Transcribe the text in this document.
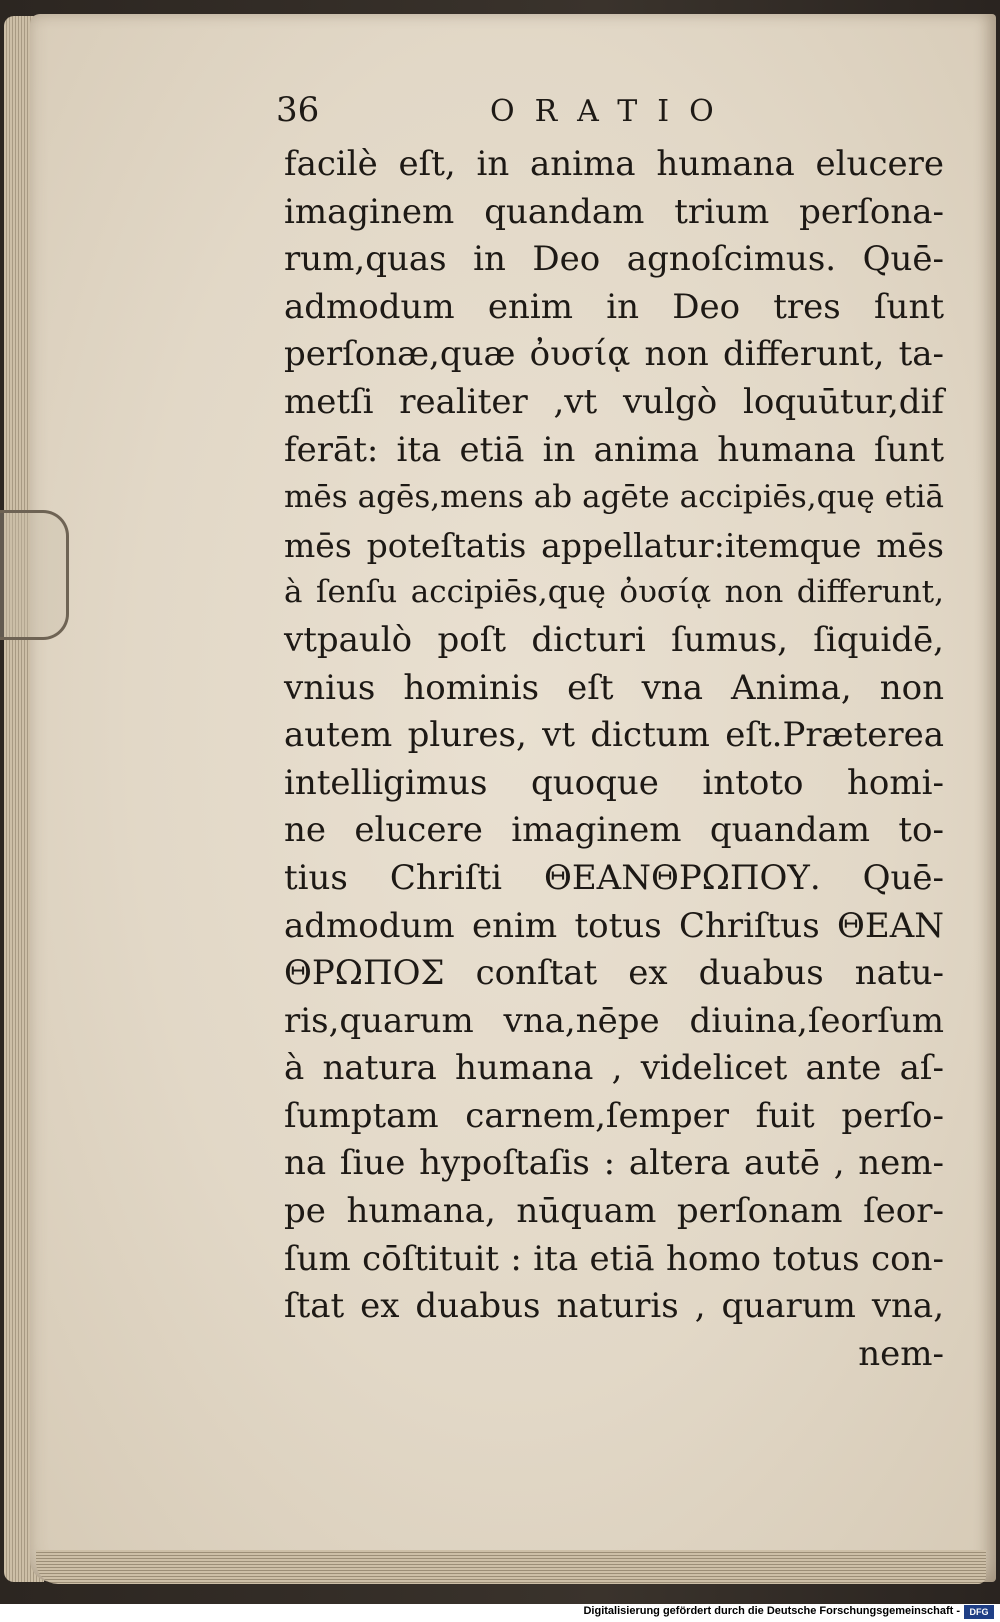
36	ORATIO
facilè eſt, in anima humana elucere
imaginem quandam trium perſona-
rum,quas in Deo agnoſcimus. Quē-
admodum enim in Deo tres ſunt
perſonæ,quæ ὀυσίᾳ non differunt, ta-
metſi realiter ,vt vulgò loquūtur,dif
ferāt: ita etiā in anima humana ſunt
mēs agēs,mens ab agēte accipiēs,quę etiā
mēs poteſtatis appellatur:itemque mēs
à ſenſu accipiēs,quę ὀυσίᾳ non differunt,
vtpaulò poſt dicturi ſumus, ſiquidē,
vnius hominis eſt vna Anima, non
autem plures, vt dictum eſt.Præterea
intelligimus quoque intoto homi-
ne elucere imaginem quandam to-
tius Chriſti ΘΕΑΝΘΡΩΠΟΥ. Quē-
admodum enim totus Chriſtus ΘΕΑΝ
ΘΡΩΠΟΣ conſtat ex duabus natu-
ris,quarum vna,nēpe diuina,ſeorſum
à natura humana , videlicet ante aſ-
ſumptam carnem,ſemper fuit perſo-
na ſiue hypoſtaſis : altera autē , nem-
pe humana, nūquam perſonam ſeor-
ſum cōſtituit : ita etiā homo totus con-
ſtat ex duabus naturis , quarum vna,
nem-
Digitalisierung gefördert durch die Deutsche Forschungsgemeinschaft -	DFG
